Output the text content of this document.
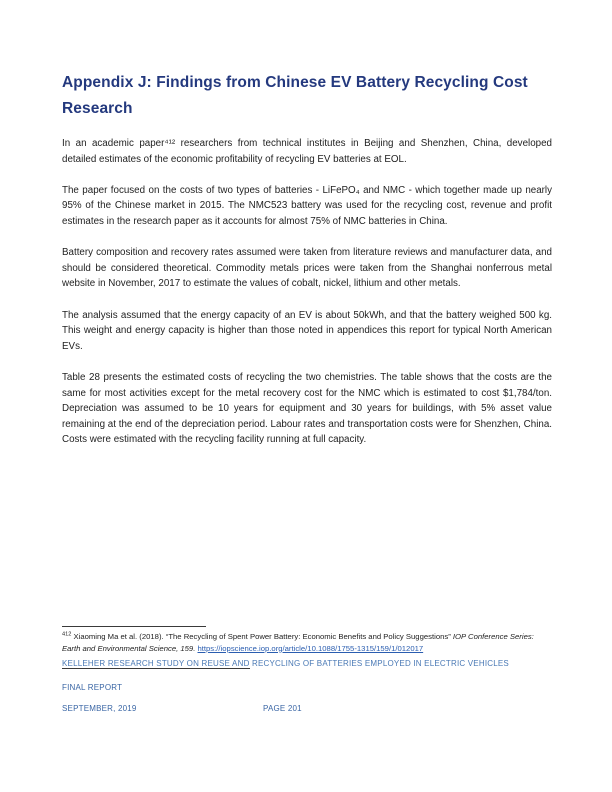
Appendix J: Findings from Chinese EV Battery Recycling Cost
Research

In an academic paper⁴¹² researchers from technical institutes in Beijing and Shenzhen, China, developed detailed estimates of the economic profitability of recycling EV batteries at EOL.

The paper focused on the costs of two types of batteries - LiFePO₄ and NMC - which together made up nearly 95% of the Chinese market in 2015. The NMC523 battery was used for the recycling cost, revenue and profit estimates in the research paper as it accounts for almost 75% of NMC batteries in China.

Battery composition and recovery rates assumed were taken from literature reviews and manufacturer data, and should be considered theoretical. Commodity metals prices were taken from the Shanghai nonferrous metal website in November, 2017 to estimate the values of cobalt, nickel, lithium and other metals.

The analysis assumed that the energy capacity of an EV is about 50kWh, and that the battery weighed 500 kg. This weight and energy capacity is higher than those noted in appendices this report for typical North American EVs.

Table 28 presents the estimated costs of recycling the two chemistries. The table shows that the costs are the same for most activities except for the metal recovery cost for the NMC which is estimated to cost $1,784/ton. Depreciation was assumed to be 10 years for equipment and 30 years for buildings, with 5% asset value remaining at the end of the depreciation period. Labour rates and transportation costs were for Shenzhen, China. Costs were estimated with the recycling facility running at full capacity.

$^{412}$ Xiaoming Ma et al. (2018). “The Recycling of Spent Power Battery: Economic Benefits and Policy Suggestions” IOP Conference Series: Earth and Environmental Science, 159. https://iopscience.iop.org/article/10.1088/1755-1315/159/1/012017
KELLEHER RESEARCH STUDY ON REUSE AND RECYCLING OF BATTERIES EMPLOYED IN ELECTRIC VEHICLES
FINAL REPORT
SEPTEMBER, 2019	PAGE 201
